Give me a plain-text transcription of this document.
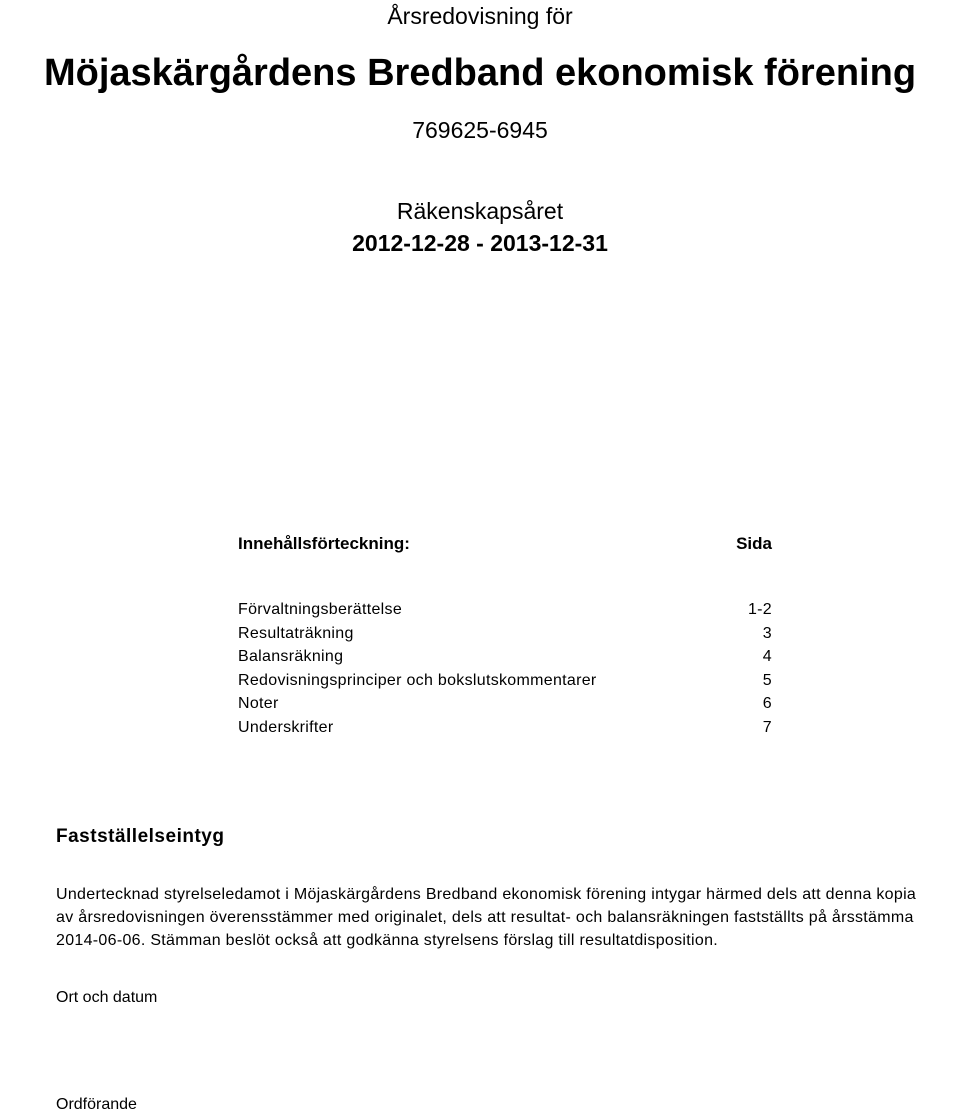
Årsredovisning för
Möjaskärgårdens Bredband ekonomisk förening
769625-6945
Räkenskapsåret
2012-12-28 - 2013-12-31
Innehållsförteckning:	Sida
Förvaltningsberättelse	1-2
Resultaträkning	3
Balansräkning	4
Redovisningsprinciper och bokslutskommentarer	5
Noter	6
Underskrifter	7
Fastställelseintyg

Undertecknad styrelseledamot i Möjaskärgårdens Bredband ekonomisk förening intygar härmed dels att denna kopia av årsredovisningen överensstämmer med originalet, dels att resultat- och balansräkningen fastställts på årsstämma 2014-06-06. Stämman beslöt också att godkänna styrelsens förslag till resultatdisposition.

Ort och datum
Ordförande
